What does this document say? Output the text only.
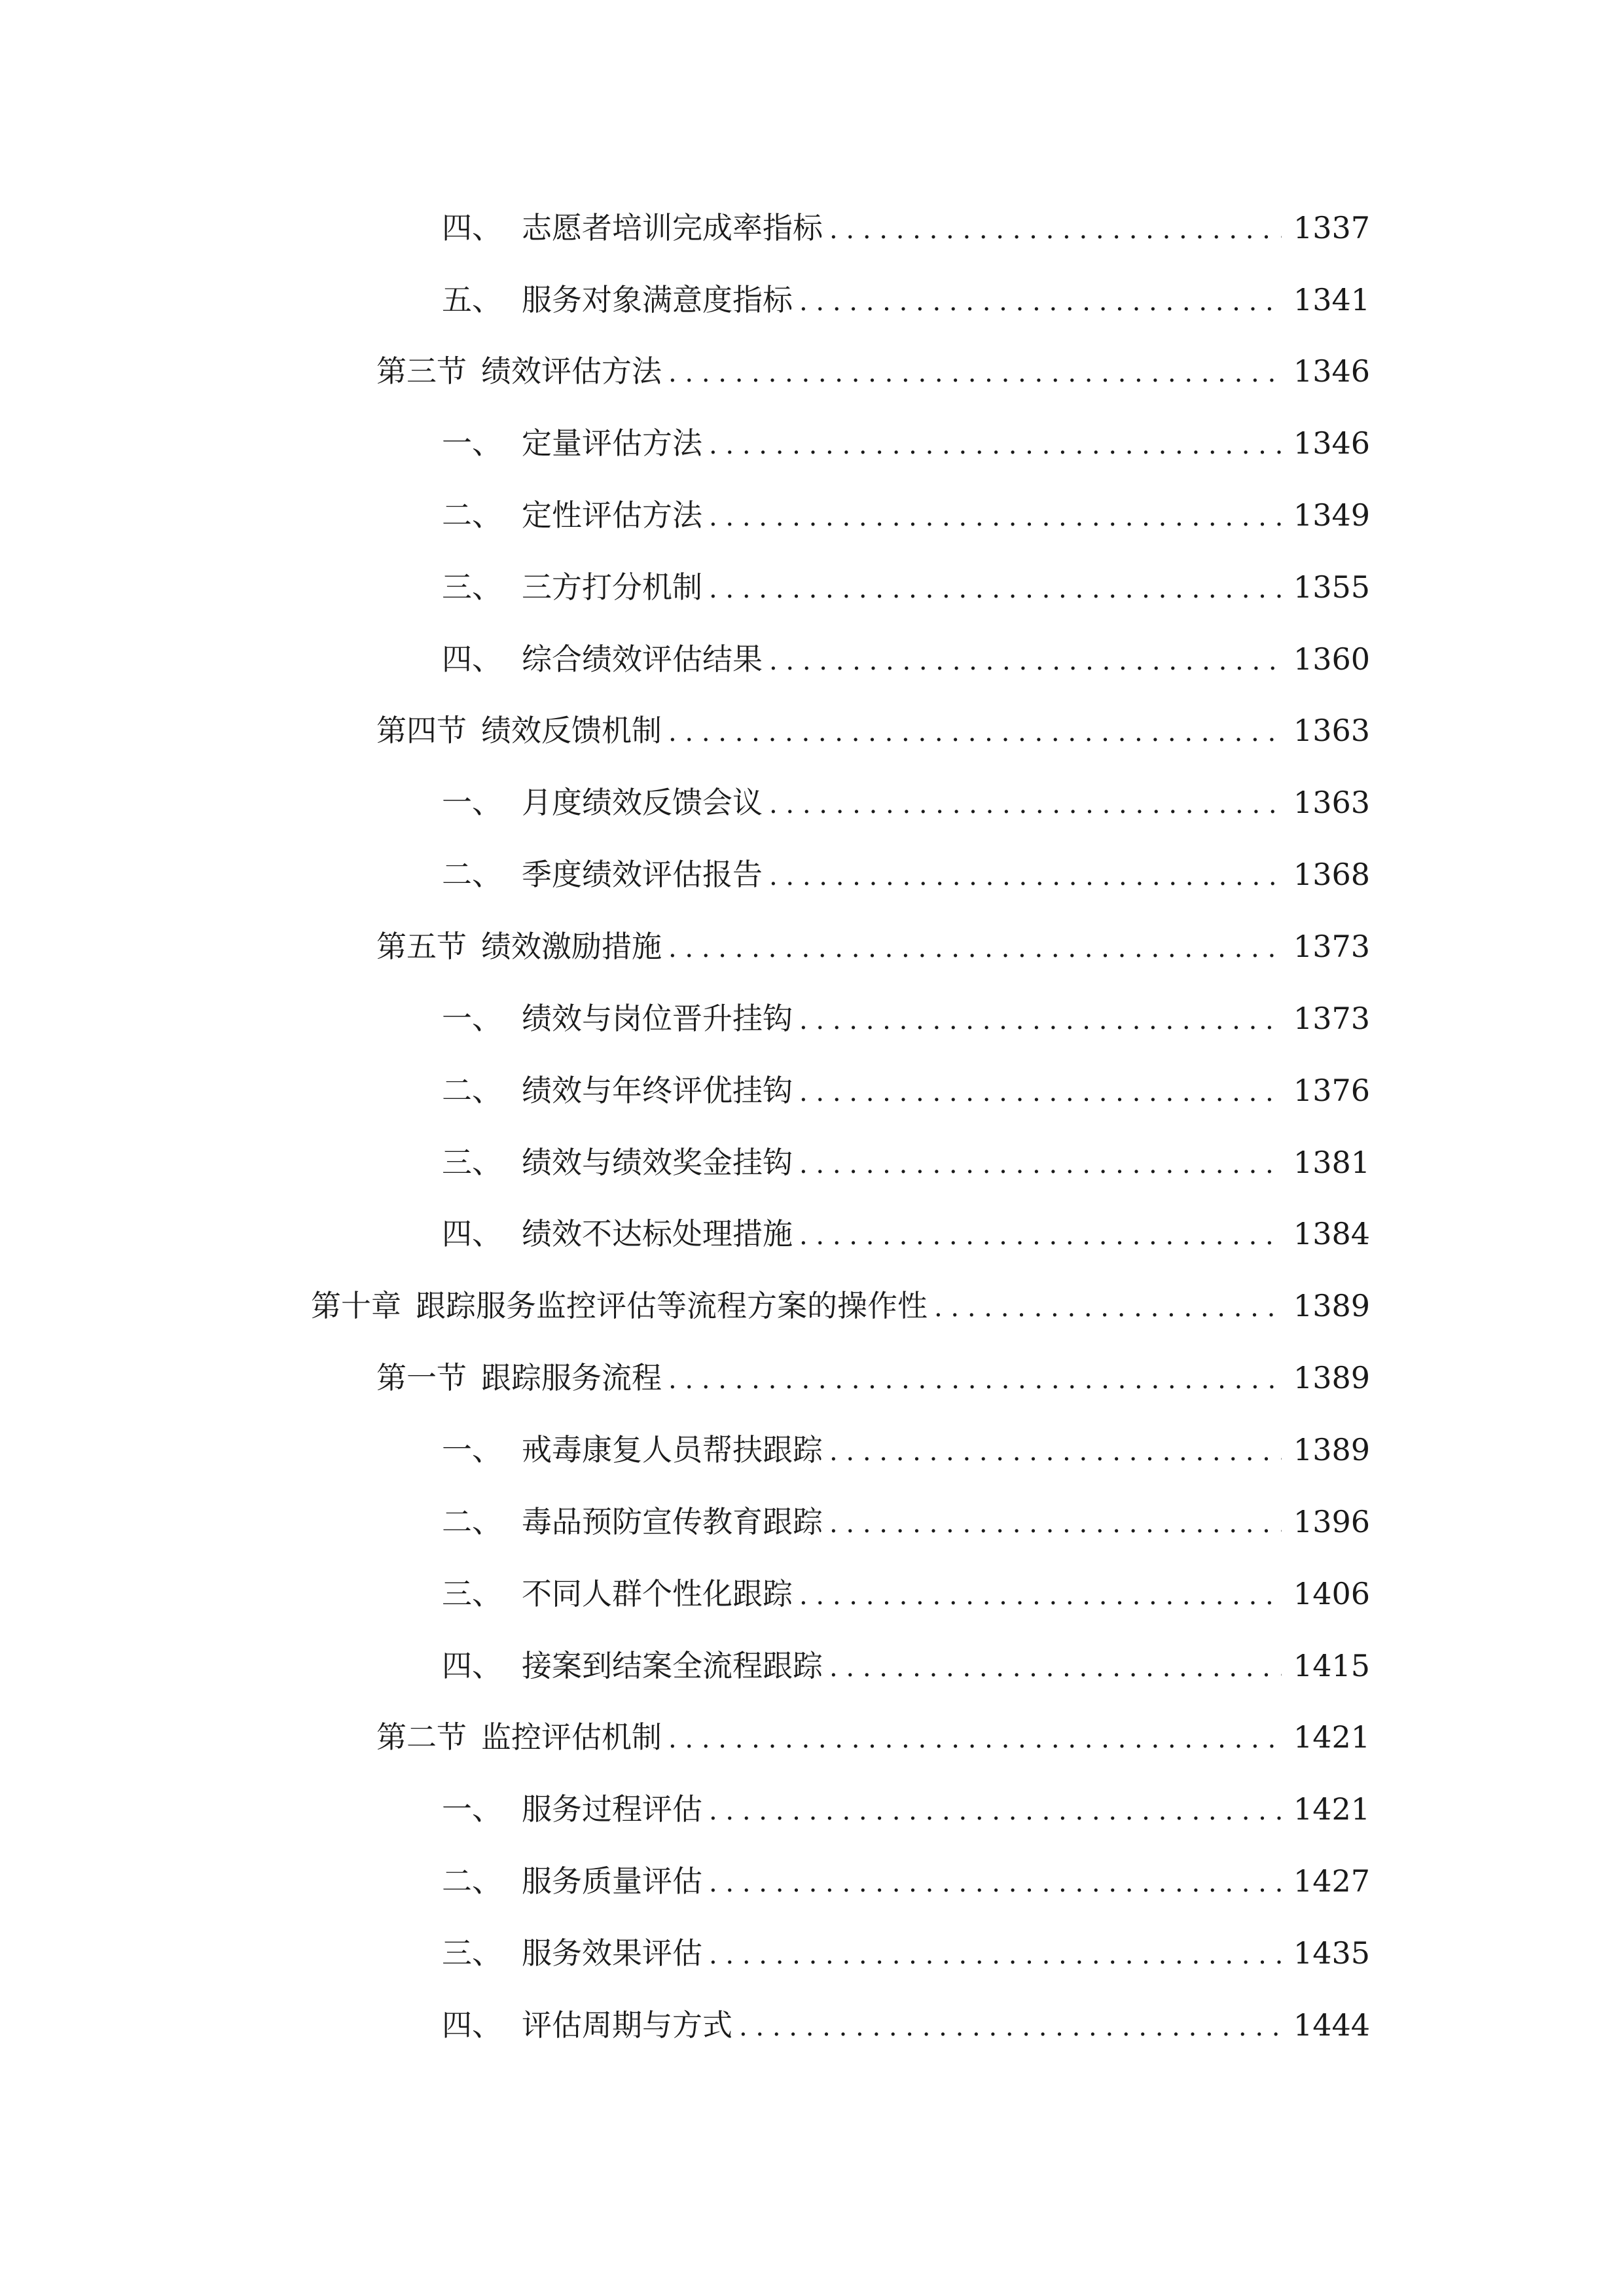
四、 志愿者培训完成率指标 . . .	1337
五、 服务对象满意度指标 . . .	1341
第三节 绩效评估方法 . . .	1346
一、 定量评估方法 . . .	1346
二、 定性评估方法 . . .	1349
三、 三方打分机制 . . .	1355
四、 综合绩效评估结果 . . .	1360
第四节 绩效反馈机制 . . .	1363
一、 月度绩效反馈会议 . . .	1363
二、 季度绩效评估报告 . . .	1368
第五节 绩效激励措施 . . .	1373
一、 绩效与岗位晋升挂钩 . . .	1373
二、 绩效与年终评优挂钩 . . .	1376
三、 绩效与绩效奖金挂钩 . . .	1381
四、 绩效不达标处理措施 . . .	1384
第十章 跟踪服务监控评估等流程方案的操作性 . . .	1389
第一节 跟踪服务流程 . . .	1389
一、 戒毒康复人员帮扶跟踪 . . .	1389
二、 毒品预防宣传教育跟踪 . . .	1396
三、 不同人群个性化跟踪 . . .	1406
四、 接案到结案全流程跟踪 . . .	1415
第二节 监控评估机制 . . .	1421
一、 服务过程评估 . . .	1421
二、 服务质量评估 . . .	1427
三、 服务效果评估 . . .	1435
四、 评估周期与方式 . . .	1444
